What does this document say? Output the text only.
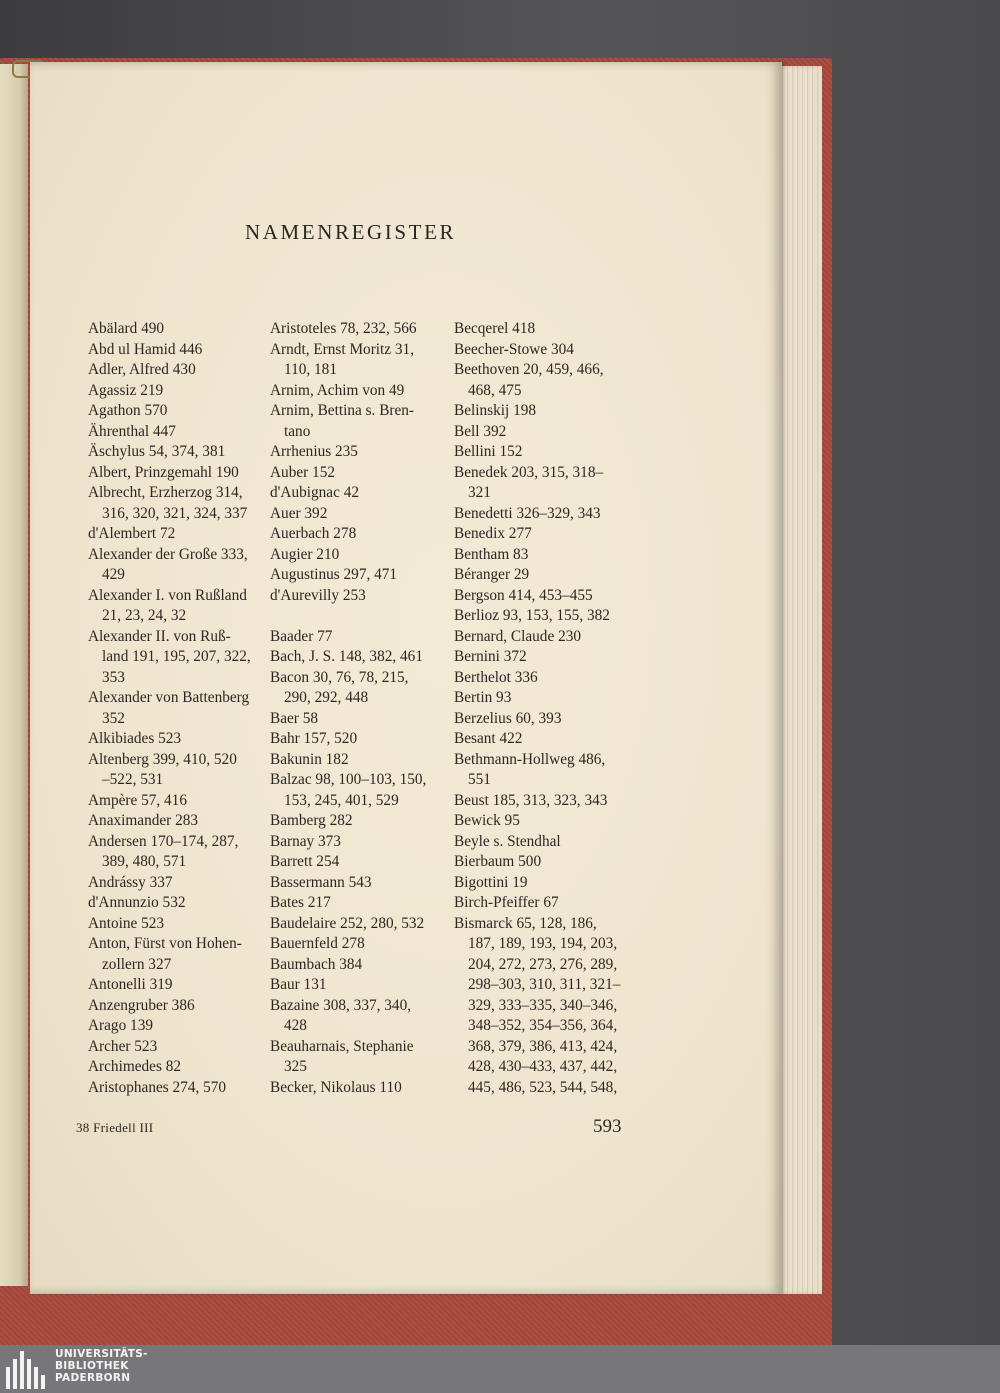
NAMENREGISTER
Abälard 490
Abd ul Hamid 446
Adler, Alfred 430
Agassiz 219
Agathon 570
Ährenthal 447
Äschylus 54, 374, 381
Albert, Prinzgemahl 190
Albrecht, Erzherzog 314,
316, 320, 321, 324, 337
d'Alembert 72
Alexander der Große 333,
429
Alexander I. von Rußland
21, 23, 24, 32
Alexander II. von Ruß-
land 191, 195, 207, 322,
353
Alexander von Battenberg
352
Alkibiades 523
Altenberg 399, 410, 520
–522, 531
Ampère 57, 416
Anaximander 283
Andersen 170–174, 287,
389, 480, 571
Andrássy 337
d'Annunzio 532
Antoine 523
Anton, Fürst von Hohen-
zollern 327
Antonelli 319
Anzengruber 386
Arago 139
Archer 523
Archimedes 82
Aristophanes 274, 570
Aristoteles 78, 232, 566
Arndt, Ernst Moritz 31,
110, 181
Arnim, Achim von 49
Arnim, Bettina s. Bren-
tano
Arrhenius 235
Auber 152
d'Aubignac 42
Auer 392
Auerbach 278
Augier 210
Augustinus 297, 471
d'Aurevilly 253

Baader 77
Bach, J. S. 148, 382, 461
Bacon 30, 76, 78, 215,
290, 292, 448
Baer 58
Bahr 157, 520
Bakunin 182
Balzac 98, 100–103, 150,
153, 245, 401, 529
Bamberg 282
Barnay 373
Barrett 254
Bassermann 543
Bates 217
Baudelaire 252, 280, 532
Bauernfeld 278
Baumbach 384
Baur 131
Bazaine 308, 337, 340,
428
Beauharnais, Stephanie
325
Becker, Nikolaus 110
Becqerel 418
Beecher-Stowe 304
Beethoven 20, 459, 466,
468, 475
Belinskij 198
Bell 392
Bellini 152
Benedek 203, 315, 318–
321
Benedetti 326–329, 343
Benedix 277
Bentham 83
Béranger 29
Bergson 414, 453–455
Berlioz 93, 153, 155, 382
Bernard, Claude 230
Bernini 372
Berthelot 336
Bertin 93
Berzelius 60, 393
Besant 422
Bethmann-Hollweg 486,
551
Beust 185, 313, 323, 343
Bewick 95
Beyle s. Stendhal
Bierbaum 500
Bigottini 19
Birch-Pfeiffer 67
Bismarck 65, 128, 186,
187, 189, 193, 194, 203,
204, 272, 273, 276, 289,
298–303, 310, 311, 321–
329, 333–335, 340–346,
348–352, 354–356, 364,
368, 379, 386, 413, 424,
428, 430–433, 437, 442,
445, 486, 523, 544, 548,
38 Friedell III	593
UNIVERSITÄTS-
BIBLIOTHEK
PADERBORN
